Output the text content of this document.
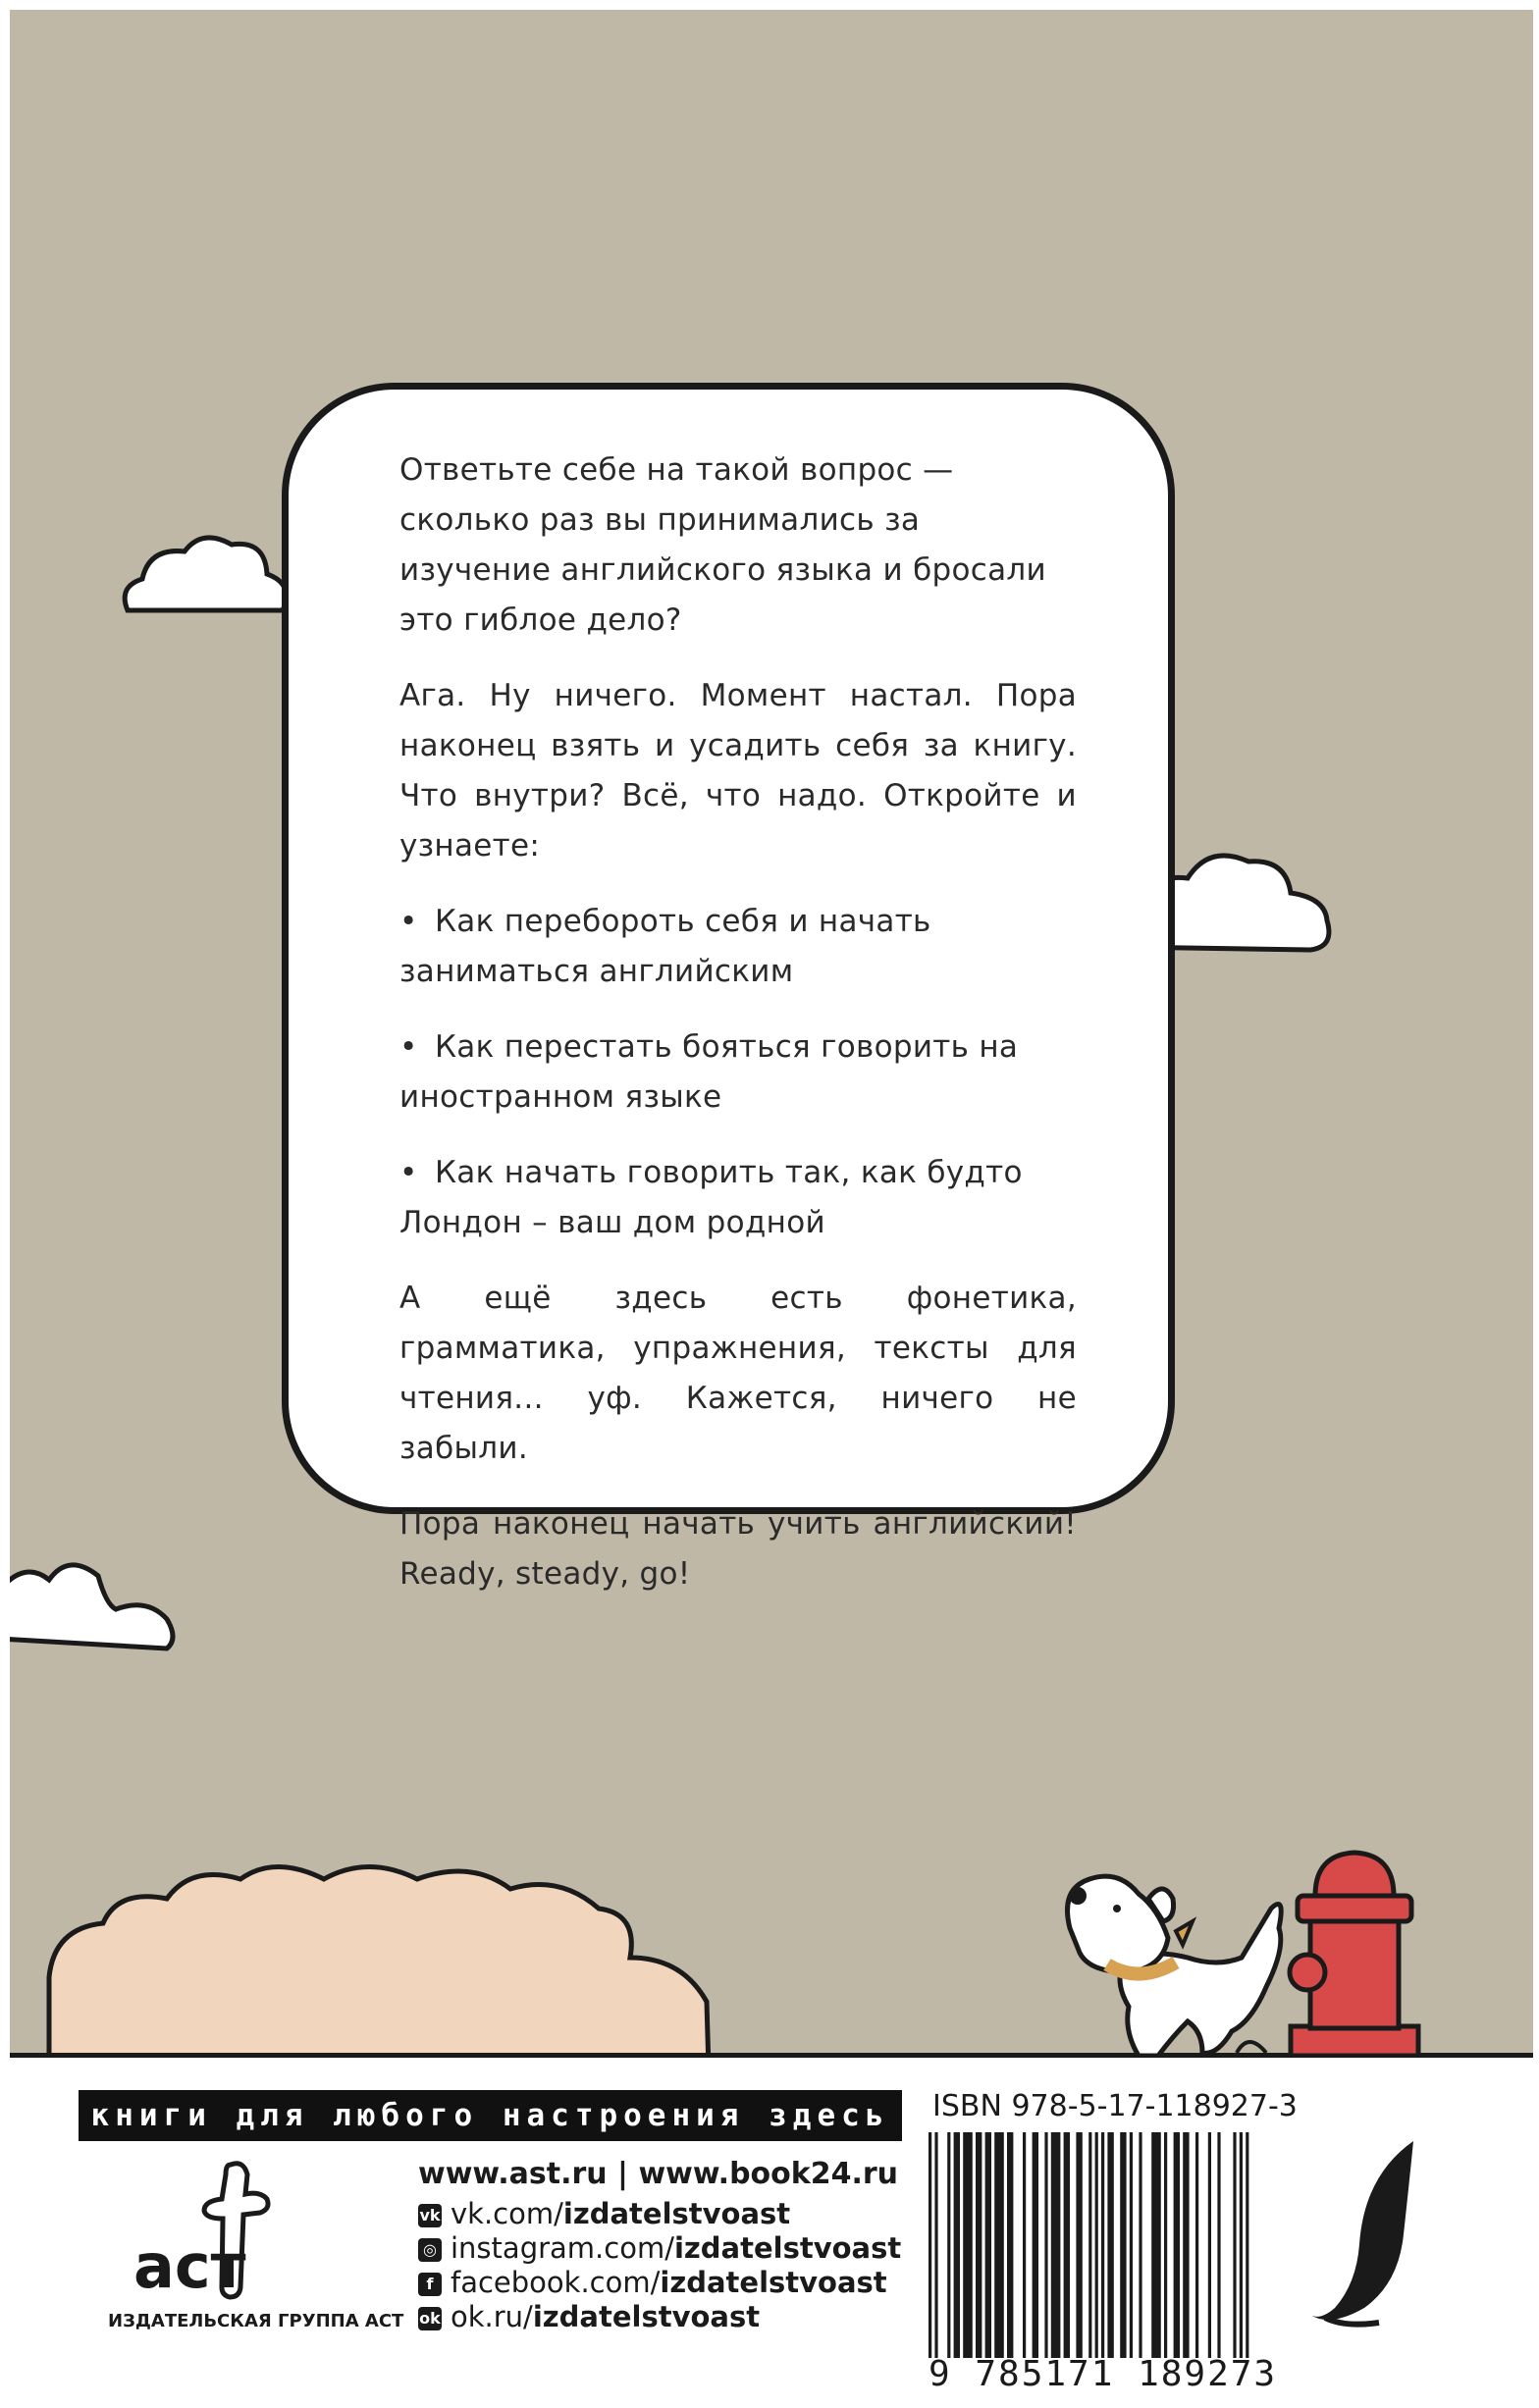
Ответьте себе на такой вопрос — сколько раз вы принимались за изучение английского языка и бросали это гиблое дело?

Ага. Ну ничего. Момент настал. Пора наконец взять и усадить себя за книгу. Что внутри? Всё, что надо. Откройте и узнаете:

• Как перебороть себя и начать заниматься английским
• Как перестать бояться говорить на иностранном языке
• Как начать говорить так, как будто Лондон – ваш дом родной

А ещё здесь есть фонетика, грамматика, упражнения, тексты для чтения... уф. Кажется, ничего не забыли.

Пора наконец начать учить английский! Ready, steady, go!

книги для любого настроения здесь
аст
ИЗДАТЕЛЬСКАЯ ГРУППА АСТ
www.ast.ru | www.book24.ru
vk vk.com/izdatelstvoast
◎ instagram.com/izdatelstvoast
f facebook.com/izdatelstvoast
ok ok.ru/izdatelstvoast
ISBN 978-5-17-118927-3
9 785171 189273
